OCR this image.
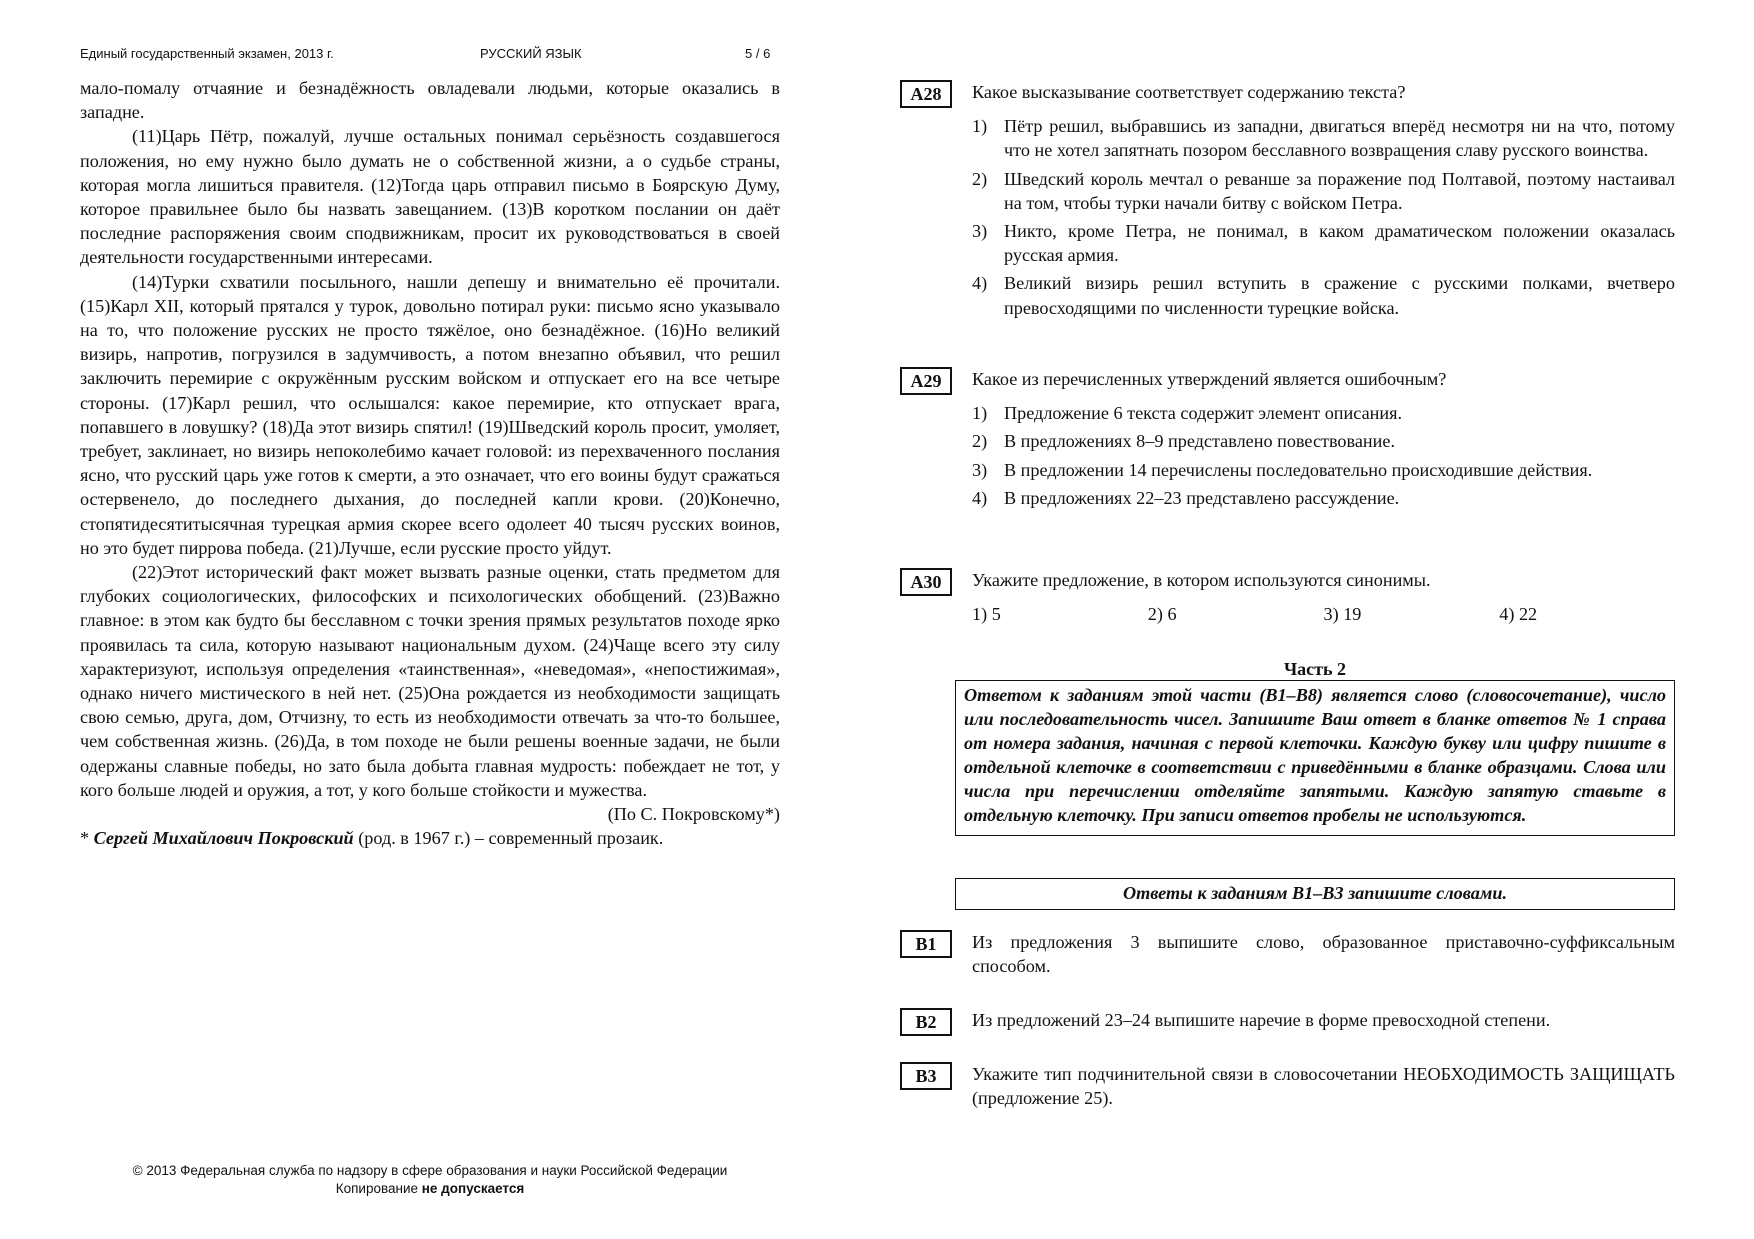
Единый государственный экзамен, 2013 г.	РУССКИЙ ЯЗЫК	5 / 6

мало-помалу отчаяние и безнадёжность овладевали людьми, которые оказались в западне.

(11)Царь Пётр, пожалуй, лучше остальных понимал серьёзность создавшегося положения, но ему нужно было думать не о собственной жизни, а о судьбе страны, которая могла лишиться правителя. (12)Тогда царь отправил письмо в Боярскую Думу, которое правильнее было бы назвать завещанием. (13)В коротком послании он даёт последние распоряжения своим сподвижникам, просит их руководствоваться в своей деятельности государственными интересами.

(14)Турки схватили посыльного, нашли депешу и внимательно её прочитали. (15)Карл XII, который прятался у турок, довольно потирал руки: письмо ясно указывало на то, что положение русских не просто тяжёлое, оно безнадёжное. (16)Но великий визирь, напротив, погрузился в задумчивость, а потом внезапно объявил, что решил заключить перемирие с окружённым русским войском и отпускает его на все четыре стороны. (17)Карл решил, что ослышался: какое перемирие, кто отпускает врага, попавшего в ловушку? (18)Да этот визирь спятил! (19)Шведский король просит, умоляет, требует, заклинает, но визирь непоколебимо качает головой: из перехваченного послания ясно, что русский царь уже готов к смерти, а это означает, что его воины будут сражаться остервенело, до последнего дыхания, до последней капли крови. (20)Конечно, стопятидесятитысячная турецкая армия скорее всего одолеет 40 тысяч русских воинов, но это будет пиррова победа. (21)Лучше, если русские просто уйдут.

(22)Этот исторический факт может вызвать разные оценки, стать предметом для глубоких социологических, философских и психологических обобщений. (23)Важно главное: в этом как будто бы бесславном с точки зрения прямых результатов походе ярко проявилась та сила, которую называют национальным духом. (24)Чаще всего эту силу характеризуют, используя определения «таинственная», «неведомая», «непостижимая», однако ничего мистического в ней нет. (25)Она рождается из необходимости защищать свою семью, друга, дом, Отчизну, то есть из необходимости отвечать за что-то большее, чем собственная жизнь. (26)Да, в том походе не были решены военные задачи, не были одержаны славные победы, но зато была добыта главная мудрость: побеждает не тот, у кого больше людей и оружия, а тот, у кого больше стойкости и мужества.

(По С. Покровскому*)

* Сергей Михайлович Покровский (род. в 1967 г.) – современный прозаик.

© 2013 Федеральная служба по надзору в сфере образования и науки Российской Федерации
Копирование не допускается
A28	Какое высказывание соответствует содержанию текста?
1) Пётр решил, выбравшись из западни, двигаться вперёд несмотря ни на что, потому что не хотел запятнать позором бесславного возвращения славу русского воинства.
2) Шведский король мечтал о реванше за поражение под Полтавой, поэтому настаивал на том, чтобы турки начали битву с войском Петра.
3) Никто, кроме Петра, не понимал, в каком драматическом положении оказалась русская армия.
4) Великий визирь решил вступить в сражение с русскими полками, вчетверо превосходящими по численности турецкие войска.
A29	Какое из перечисленных утверждений является ошибочным?
1) Предложение 6 текста содержит элемент описания.
2) В предложениях 8–9 представлено повествование.
3) В предложении 14 перечислены последовательно происходившие действия.
4) В предложениях 22–23 представлено рассуждение.
A30	Укажите предложение, в котором используются синонимы.
1) 5	2) 6	3) 19	4) 22
Часть 2
Ответом к заданиям этой части (В1–В8) является слово (словосочетание), число или последовательность чисел. Запишите Ваш ответ в бланке ответов № 1 справа от номера задания, начиная с первой клеточки. Каждую букву или цифру пишите в отдельной клеточке в соответствии с приведёнными в бланке образцами. Слова или числа при перечислении отделяйте запятыми. Каждую запятую ставьте в отдельную клеточку. При записи ответов пробелы не используются.
Ответы к заданиям В1–В3 запишите словами.
В1	Из предложения 3 выпишите слово, образованное приставочно-суффиксальным способом.
В2	Из предложений 23–24 выпишите наречие в форме превосходной степени.
В3	Укажите тип подчинительной связи в словосочетании НЕОБХОДИМОСТЬ ЗАЩИЩАТЬ (предложение 25).
